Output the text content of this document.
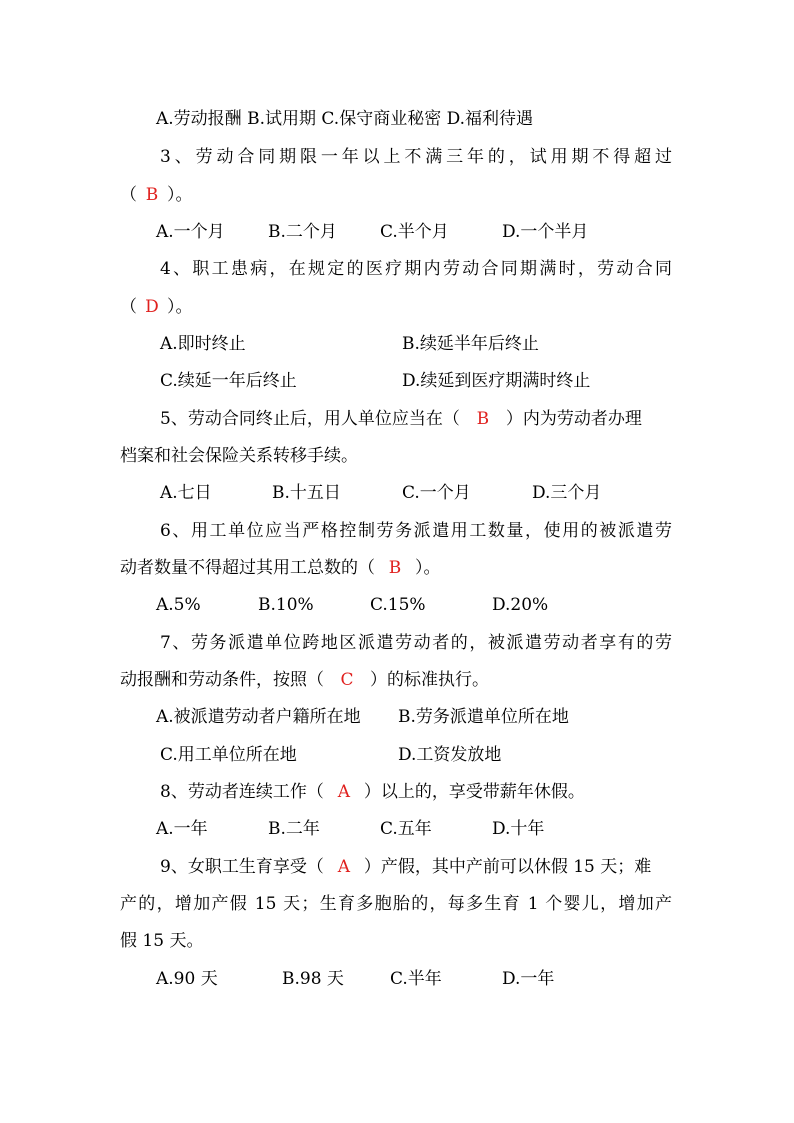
A.劳动报酬 B.试用期 C.保守商业秘密 D.福利待遇
3、劳动合同期限一年以上不满三年的，试用期不得超过
（ B ）。
A.一个月	B.二个月	C.半个月	D.一个半月
4、职工患病，在规定的医疗期内劳动合同期满时，劳动合同
（ D ）。
A.即时终止	B.续延半年后终止
C.续延一年后终止	D.续延到医疗期满时终止
5、劳动合同终止后，用人单位应当在（ B ）内为劳动者办理
档案和社会保险关系转移手续。
A.七日	B.十五日	C.一个月	D.三个月
6、用工单位应当严格控制劳务派遣用工数量，使用的被派遣劳
动者数量不得超过其用工总数的（ B ）。
A.5%	B.10%	C.15%	D.20%
7、劳务派遣单位跨地区派遣劳动者的，被派遣劳动者享有的劳
动报酬和劳动条件，按照（ C ）的标准执行。
A.被派遣劳动者户籍所在地 B.劳务派遣单位所在地
C.用工单位所在地	D.工资发放地
8、劳动者连续工作（ A ）以上的，享受带薪年休假。
A.一年	B.二年	C.五年	D.十年
9、女职工生育享受（ A ）产假，其中产前可以休假 15 天；难
产的，增加产假 15 天；生育多胞胎的，每多生育 1 个婴儿，增加产
假 15 天。
A.90 天	B.98 天	C.半年	D.一年
